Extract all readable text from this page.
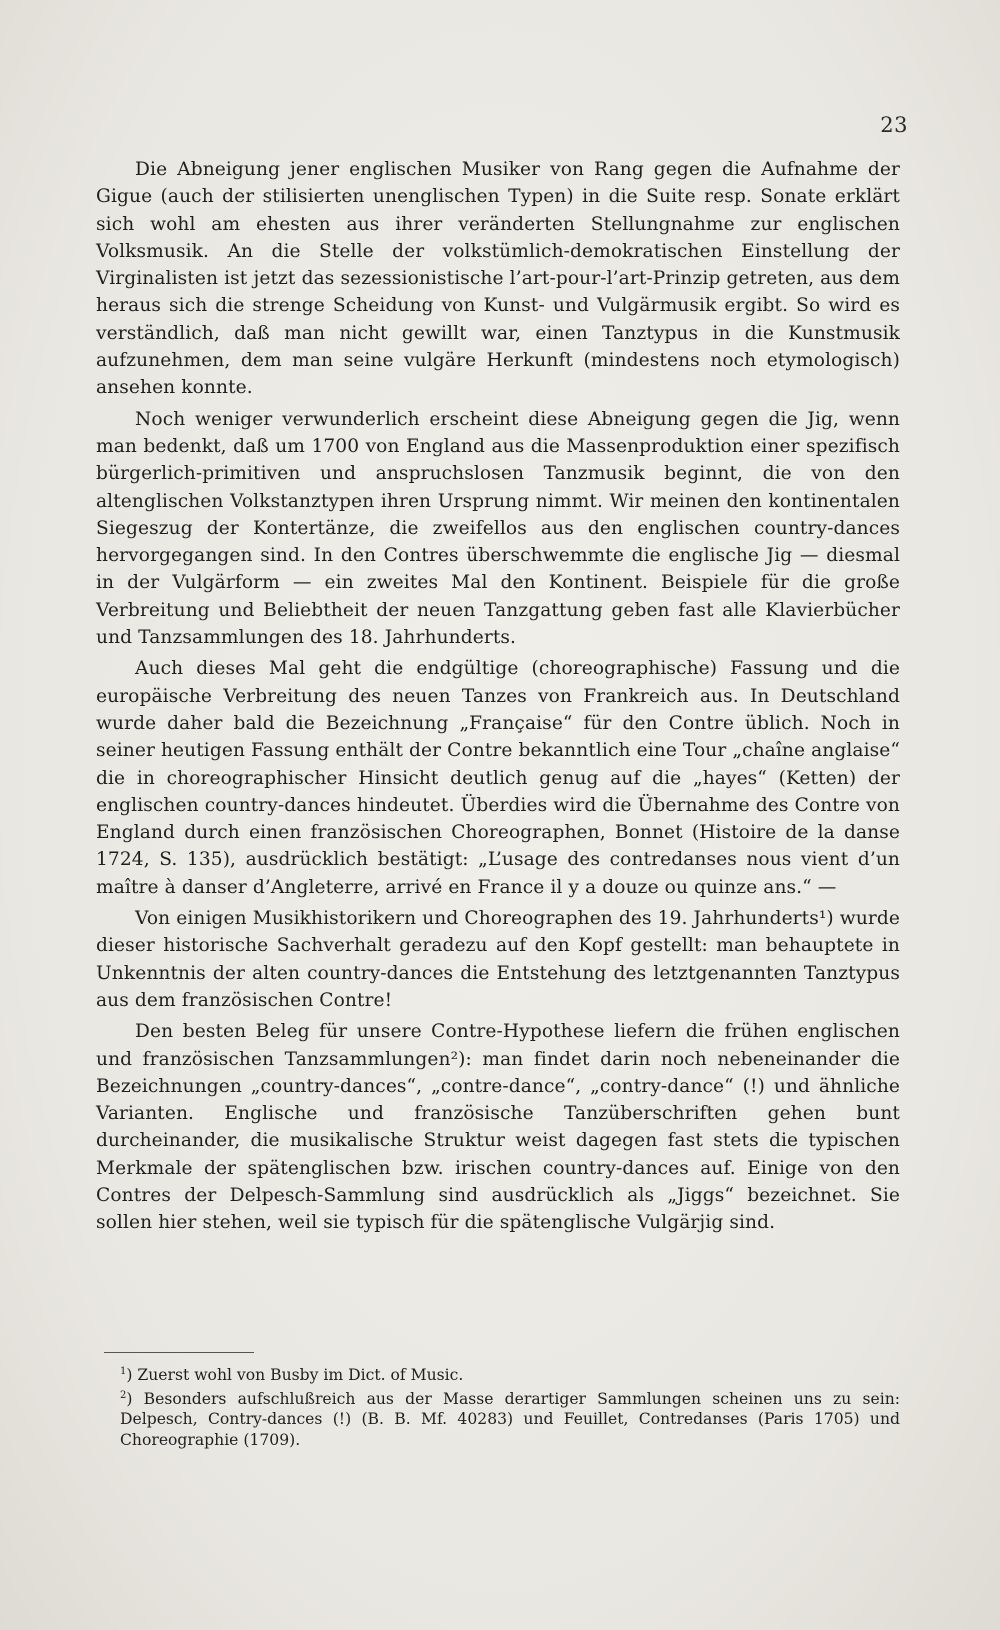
23

Die Abneigung jener englischen Musiker von Rang gegen die Aufnahme der Gigue (auch der stilisierten unenglischen Typen) in die Suite resp. Sonate erklärt sich wohl am ehesten aus ihrer veränderten Stellungnahme zur englischen Volksmusik. An die Stelle der volkstümlich-demokratischen Einstellung der Virginalisten ist jetzt das sezessionistische l’art-pour-l’art-Prinzip getreten, aus dem heraus sich die strenge Scheidung von Kunst- und Vulgärmusik ergibt. So wird es verständlich, daß man nicht gewillt war, einen Tanztypus in die Kunstmusik aufzunehmen, dem man seine vulgäre Herkunft (mindestens noch etymologisch) ansehen konnte.

Noch weniger verwunderlich erscheint diese Abneigung gegen die Jig, wenn man bedenkt, daß um 1700 von England aus die Massenproduktion einer spezifisch bürgerlich-primitiven und anspruchslosen Tanzmusik beginnt, die von den altenglischen Volkstanztypen ihren Ursprung nimmt. Wir meinen den kontinentalen Siegeszug der Kontertänze, die zweifellos aus den englischen country-dances hervorgegangen sind. In den Contres überschwemmte die englische Jig — diesmal in der Vulgärform — ein zweites Mal den Kontinent. Beispiele für die große Verbreitung und Beliebtheit der neuen Tanzgattung geben fast alle Klavierbücher und Tanzsammlungen des 18. Jahrhunderts.

Auch dieses Mal geht die endgültige (choreographische) Fassung und die europäische Verbreitung des neuen Tanzes von Frankreich aus. In Deutschland wurde daher bald die Bezeichnung „Française“ für den Contre üblich. Noch in seiner heutigen Fassung enthält der Contre bekanntlich eine Tour „chaîne anglaise“ die in choreographischer Hinsicht deutlich genug auf die „hayes“ (Ketten) der englischen country-dances hindeutet. Überdies wird die Übernahme des Contre von England durch einen französischen Choreographen, Bonnet (Histoire de la danse 1724, S. 135), ausdrücklich bestätigt: „L’usage des contredanses nous vient d’un maître à danser d’Angleterre, arrivé en France il y a douze ou quinze ans.“ —

Von einigen Musikhistorikern und Choreographen des 19. Jahrhunderts¹) wurde dieser historische Sachverhalt geradezu auf den Kopf gestellt: man behauptete in Unkenntnis der alten country-dances die Entstehung des letztgenannten Tanztypus aus dem französischen Contre!

Den besten Beleg für unsere Contre-Hypothese liefern die frühen englischen und französischen Tanzsammlungen²): man findet darin noch nebeneinander die Bezeichnungen „country-dances“, „contre-dance“, „contry-dance“ (!) und ähnliche Varianten. Englische und französische Tanzüberschriften gehen bunt durcheinander, die musikalische Struktur weist dagegen fast stets die typischen Merkmale der spätenglischen bzw. irischen country-dances auf. Einige von den Contres der Delpesch-Sammlung sind ausdrücklich als „Jiggs“ bezeichnet. Sie sollen hier stehen, weil sie typisch für die spätenglische Vulgärjig sind.

$^1$) Zuerst wohl von Busby im Dict. of Music.

$^2$) Besonders aufschlußreich aus der Masse derartiger Sammlungen scheinen uns zu sein: Delpesch, Contry-dances (!) (B. B. Mf. 40283) und Feuillet, Contredanses (Paris 1705) und Choreographie (1709).
